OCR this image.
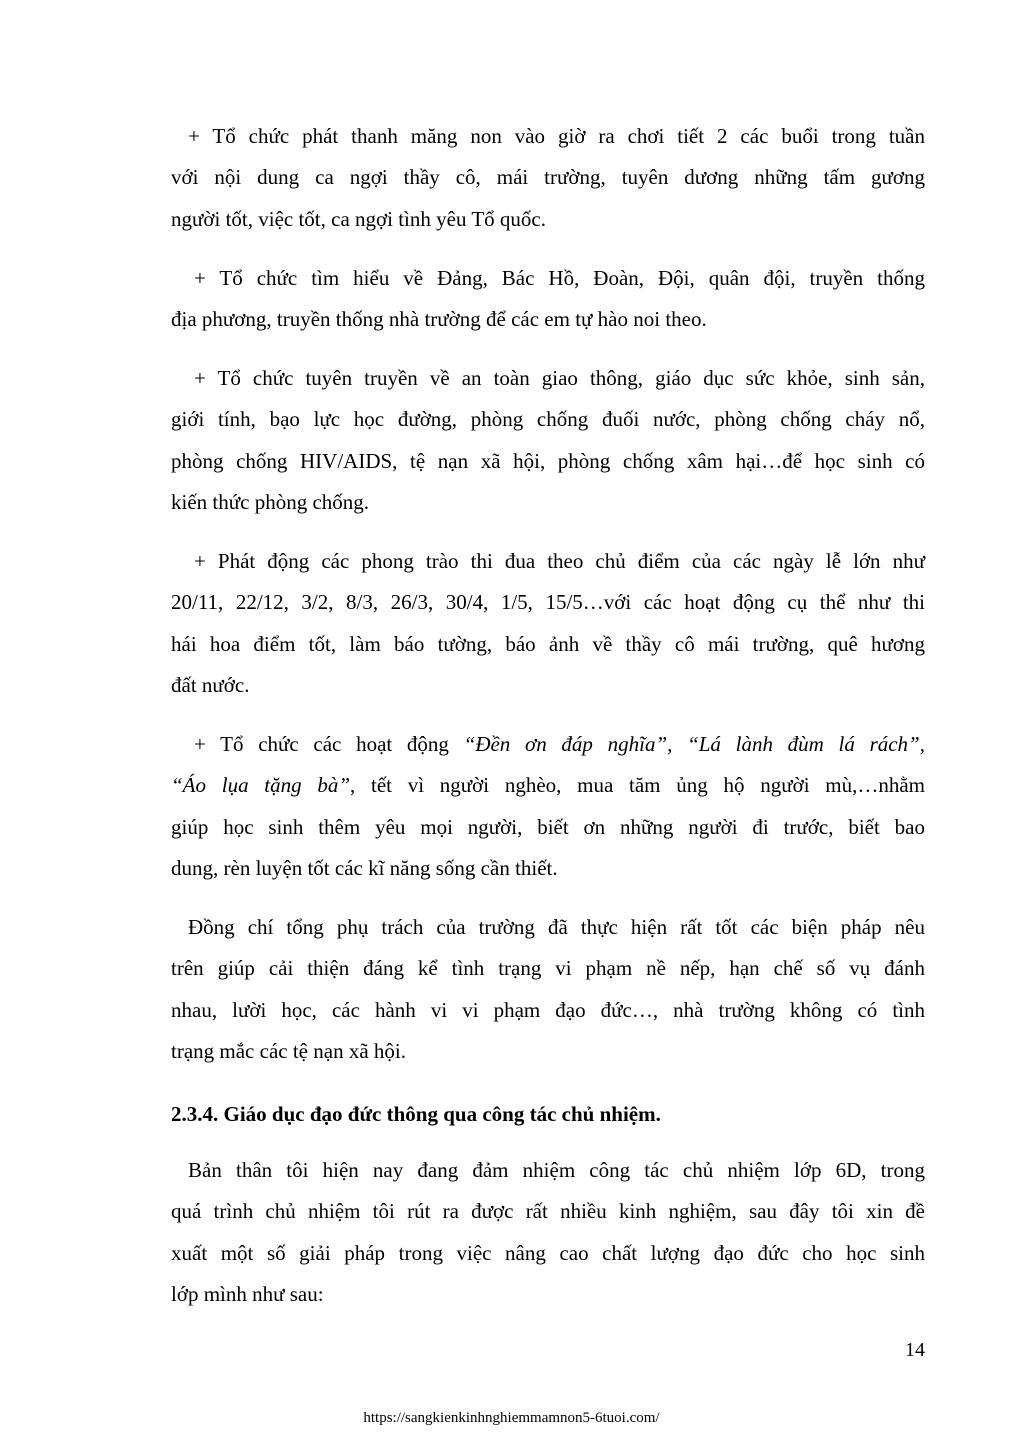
+ Tổ chức phát thanh măng non vào giờ ra chơi tiết 2 các buổi trong tuần
với nội dung ca ngợi thầy cô, mái trường, tuyên dương những tấm gương
người tốt, việc tốt, ca ngợi tình yêu Tổ quốc.
+ Tổ chức tìm hiểu về Đảng, Bác Hồ, Đoàn, Đội, quân đội, truyền thống
địa phương, truyền thống nhà trường để các em tự hào noi theo.
+ Tổ chức tuyên truyền về an toàn giao thông, giáo dục sức khỏe, sinh sản,
giới tính, bạo lực học đường, phòng chống đuối nước, phòng chống cháy nổ,
phòng chống HIV/AIDS, tệ nạn xã hội, phòng chống xâm hại…để học sinh có
kiến thức phòng chống.
+ Phát động các phong trào thi đua theo chủ điểm của các ngày lễ lớn như
20/11, 22/12, 3/2, 8/3, 26/3, 30/4, 1/5, 15/5…với các hoạt động cụ thể như thi
hái hoa điểm tốt, làm báo tường, báo ảnh về thầy cô mái trường, quê hương
đất nước.
+ Tổ chức các hoạt động “Đền ơn đáp nghĩa”, “Lá lành đùm lá rách”,
“Áo lụa tặng bà”, tết vì người nghèo, mua tăm ủng hộ người mù,…nhằm
giúp học sinh thêm yêu mọi người, biết ơn những người đi trước, biết bao
dung, rèn luyện tốt các kĩ năng sống cần thiết.
Đồng chí tổng phụ trách của trường đã thực hiện rất tốt các biện pháp nêu
trên giúp cải thiện đáng kể tình trạng vi phạm nề nếp, hạn chế số vụ đánh
nhau, lười học, các hành vi vi phạm đạo đức…, nhà trường không có tình
trạng mắc các tệ nạn xã hội.
2.3.4. Giáo dục đạo đức thông qua công tác chủ nhiệm.
Bản thân tôi hiện nay đang đảm nhiệm công tác chủ nhiệm lớp 6D, trong
quá trình chủ nhiệm tôi rút ra được rất nhiều kinh nghiệm, sau đây tôi xin đề
xuất một số giải pháp trong việc nâng cao chất lượng đạo đức cho học sinh
lớp mình như sau:
14
https://sangkienkinhnghiemmamnon5-6tuoi.com/
